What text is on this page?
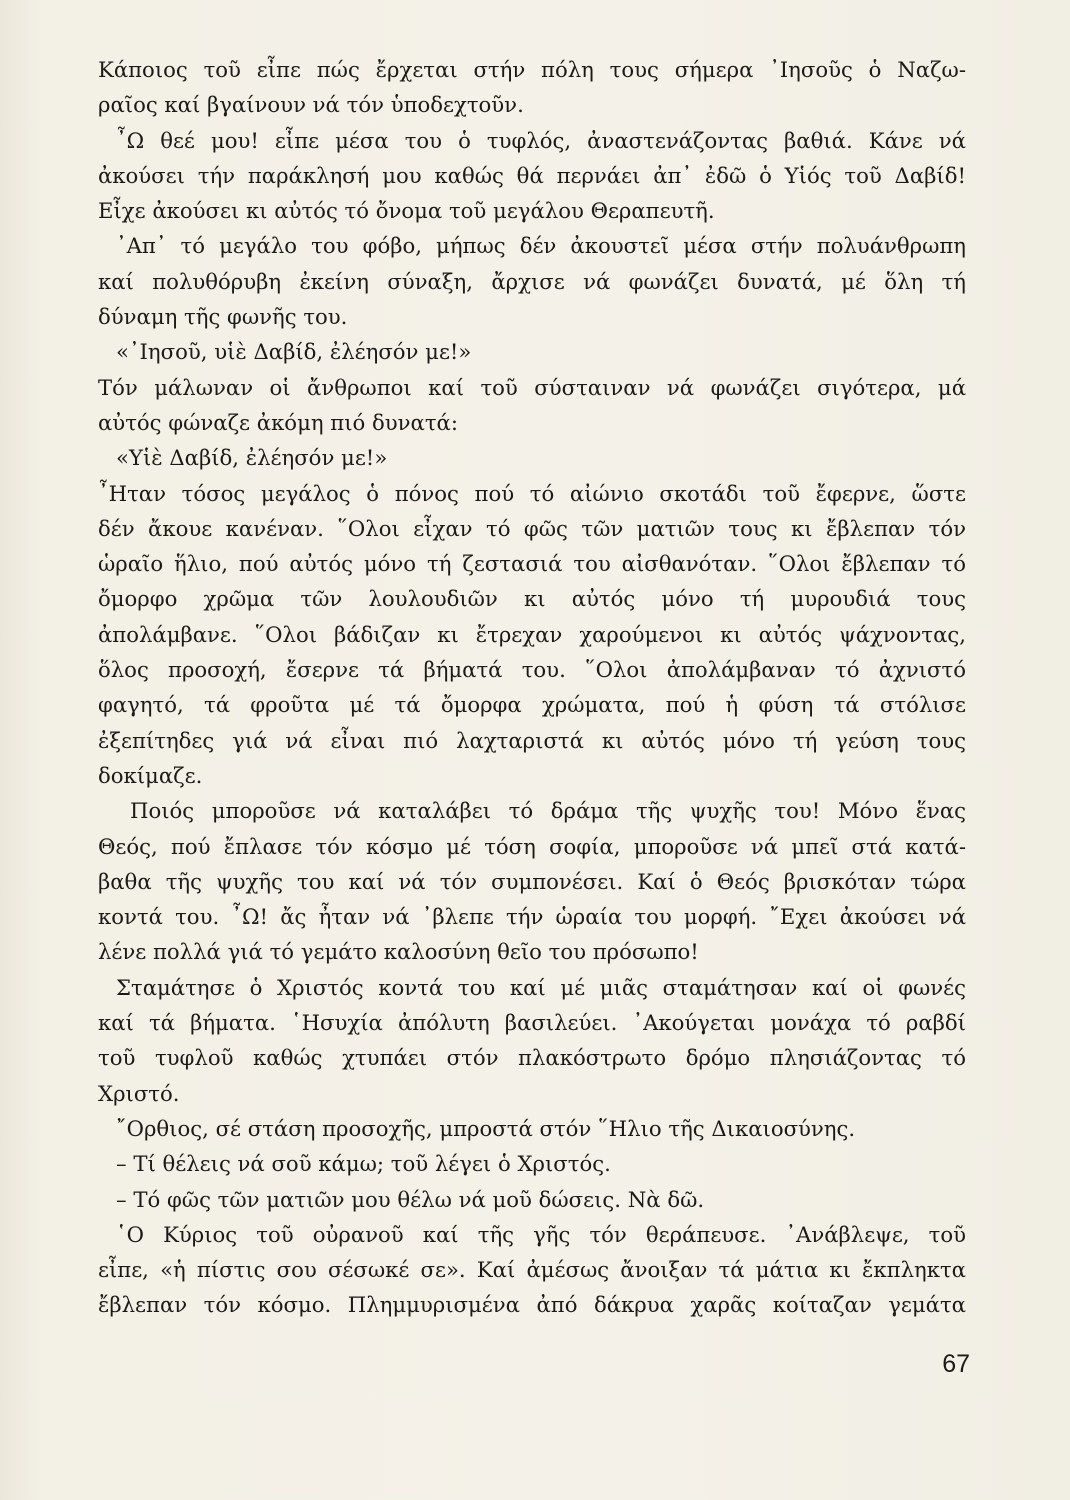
Κάποιος τοῦ εἶπε πώς ἔρχεται στήν πόλη τους σήμερα ᾿Ιησοῦς ὁ Ναζω-
ραῖος καί βγαίνουν νά τόν ὑποδεχτοῦν.
῏Ω θεέ μου! εἶπε μέσα του ὁ τυφλός, ἀναστενάζοντας βαθιά. Κάνε νά
ἀκούσει τήν παράκλησή μου καθώς θά περνάει ἀπ᾿ ἐδῶ ὁ Υἱός τοῦ Δαβίδ!
Εἶχε ἀκούσει κι αὐτός τό ὄνομα τοῦ μεγάλου Θεραπευτῆ.
᾿Απ᾿ τό μεγάλο του φόβο, μήπως δέν ἀκουστεῖ μέσα στήν πολυάνθρωπη
καί πολυθόρυβη ἐκείνη σύναξη, ἄρχισε νά φωνάζει δυνατά, μέ ὅλη τή
δύναμη τῆς φωνῆς του.
«᾿Ιησοῦ, υἱὲ Δαβίδ, ἐλέησόν με!»
Τόν μάλωναν οἱ ἄνθρωποι καί τοῦ σύσταιναν νά φωνάζει σιγότερα, μά
αὐτός φώναζε ἀκόμη πιό δυνατά:
«Υἱὲ Δαβίδ, ἐλέησόν με!»
῏Ηταν τόσος μεγάλος ὁ πόνος πού τό αἰώνιο σκοτάδι τοῦ ἔφερνε, ὥστε
δέν ἄκουε κανέναν. ῞Ολοι εἶχαν τό φῶς τῶν ματιῶν τους κι ἔβλεπαν τόν
ὡραῖο ἥλιο, πού αὐτός μόνο τή ζεστασιά του αἰσθανόταν. ῞Ολοι ἔβλεπαν τό
ὄμορφο χρῶμα τῶν λουλουδιῶν κι αὐτός μόνο τή μυρουδιά τους
ἀπολάμβανε. ῞Ολοι βάδιζαν κι ἔτρεχαν χαρούμενοι κι αὐτός ψάχνοντας,
ὅλος προσοχή, ἔσερνε τά βήματά του. ῞Ολοι ἀπολάμβαναν τό ἀχνιστό
φαγητό, τά φροῦτα μέ τά ὄμορφα χρώματα, πού ἡ φύση τά στόλισε
ἐξεπίτηδες γιά νά εἶναι πιό λαχταριστά κι αὐτός μόνο τή γεύση τους
δοκίμαζε.
Ποιός μποροῦσε νά καταλάβει τό δράμα τῆς ψυχῆς του! Μόνο ἕνας
Θεός, πού ἔπλασε τόν κόσμο μέ τόση σοφία, μποροῦσε νά μπεῖ στά κατά-
βαθα τῆς ψυχῆς του καί νά τόν συμπονέσει. Καί ὁ Θεός βρισκόταν τώρα
κοντά του. ῏Ω! ἄς ἦταν νά ᾿βλεπε τήν ὡραία του μορφή. ῎Εχει ἀκούσει νά
λένε πολλά γιά τό γεμάτο καλοσύνη θεῖο του πρόσωπο!
Σταμάτησε ὁ Χριστός κοντά του καί μέ μιᾶς σταμάτησαν καί οἱ φωνές
καί τά βήματα. ῾Ησυχία ἀπόλυτη βασιλεύει. ᾿Ακούγεται μονάχα τό ραβδί
τοῦ τυφλοῦ καθώς χτυπάει στόν πλακόστρωτο δρόμο πλησιάζοντας τό
Χριστό.
῎Ορθιος, σέ στάση προσοχῆς, μπροστά στόν ῞Ηλιο τῆς Δικαιοσύνης.
– Τί θέλεις νά σοῦ κάμω; τοῦ λέγει ὁ Χριστός.
– Τό φῶς τῶν ματιῶν μου θέλω νά μοῦ δώσεις. Νὰ δῶ.
῾Ο Κύριος τοῦ οὐρανοῦ καί τῆς γῆς τόν θεράπευσε. ᾿Ανάβλεψε, τοῦ
εἶπε, «ἡ πίστις σου σέσωκέ σε». Καί ἀμέσως ἄνοιξαν τά μάτια κι ἔκπληκτα
ἔβλεπαν τόν κόσμο. Πλημμυρισμένα ἀπό δάκρυα χαρᾶς κοίταζαν γεμάτα
67
